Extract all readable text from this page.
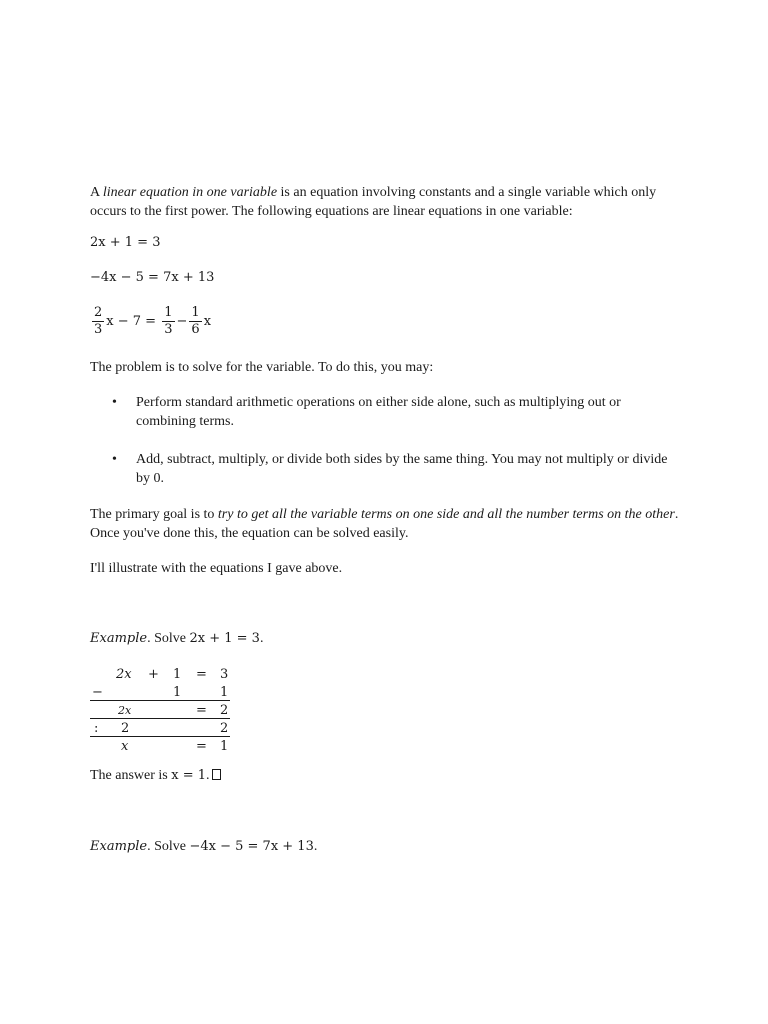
A linear equation in one variable is an equation involving constants and a single variable which only occurs to the first power. The following equations are linear equations in one variable:

2x + 1 = 3
−4x − 5 = 7x + 13
$\frac{2}{3}$ x − 7 =
$\frac{1}{3} - \frac{1}{6}$ x

The problem is to solve for the variable. To do this, you may:

• Perform standard arithmetic operations on either side alone, such as multiplying out or combining terms.
• Add, subtract, multiply, or divide both sides by the same thing. You may not multiply or divide by 0.

The primary goal is to try to get all the variable terms on one side and all the number terms on the other. Once you've done this, the equation can be solved easily.

I'll illustrate with the equations I gave above.

Example. Solve 2x + 1 = 3.

2x + 1 = 3
−	1	1
2x	= 2
: 2	2
x	= 1

The answer is x = 1.

Example. Solve −4x − 5 = 7x + 13.
